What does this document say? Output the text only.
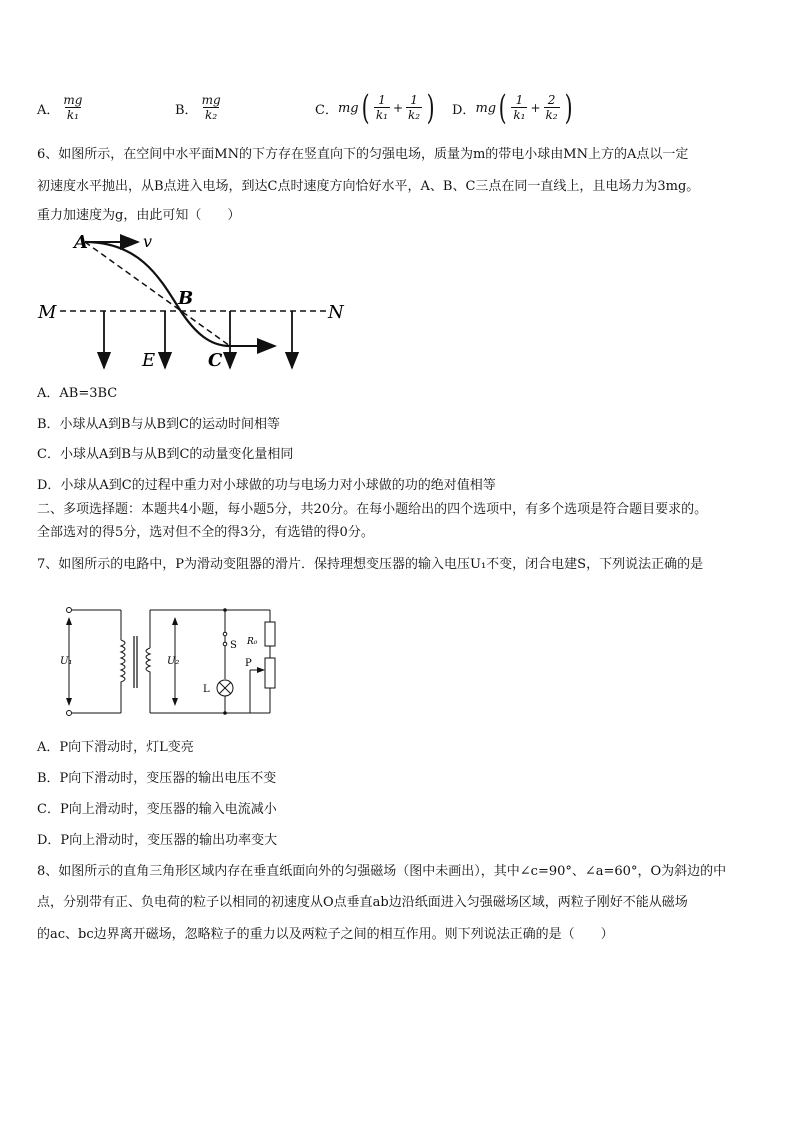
A． $\frac{mg}{\text{k₁}}$	B． $\frac{mg}{\text{k₂}}$	C． mg ( $\frac{1}{\text{k₁}} + \frac{1}{\text{k₂}}$ ) D． mg ( $\frac{1}{\text{k₁}} + \frac{2}{\text{k₂}}$ )
6、如图所示，在空间中水平面MN的下方存在竖直向下的匀强电场，质量为m的带电小球由MN上方的A点以一定
初速度水平抛出，从B点进入电场，到达C点时速度方向恰好水平，A、B、C三点在同一直线上，且电场力为3mg。
重力加速度为g，由此可知（　　）
A	v
B
C
M	N
E
A．AB=3BC
B．小球从A到B与从B到C的运动时间相等
C．小球从A到B与从B到C的动量变化量相同
D．小球从A到C的过程中重力对小球做的功与电场力对小球做的功的绝对值相等
二、多项选择题：本题共4小题，每小题5分，共20分。在每小题给出的四个选项中，有多个选项是符合题目要求的。
全部选对的得5分，选对但不全的得3分，有选错的得0分。
7、如图所示的电路中，P为滑动变阻器的滑片．保持理想变压器的输入电压U₁不变，闭合电建S，下列说法正确的是
U₁	U₂
S
L
R₀
P
A．P向下滑动时，灯L变亮
B．P向下滑动时，变压器的输出电压不变
C．P向上滑动时，变压器的输入电流减小
D．P向上滑动时，变压器的输出功率变大
8、如图所示的直角三角形区域内存在垂直纸面向外的匀强磁场（图中未画出），其中∠c=90°、∠a=60°，O为斜边的中
点，分别带有正、负电荷的粒子以相同的初速度从O点垂直ab边沿纸面进入匀强磁场区域，两粒子刚好不能从磁场
的ac、bc边界离开磁场，忽略粒子的重力以及两粒子之间的相互作用。则下列说法正确的是（　　）
